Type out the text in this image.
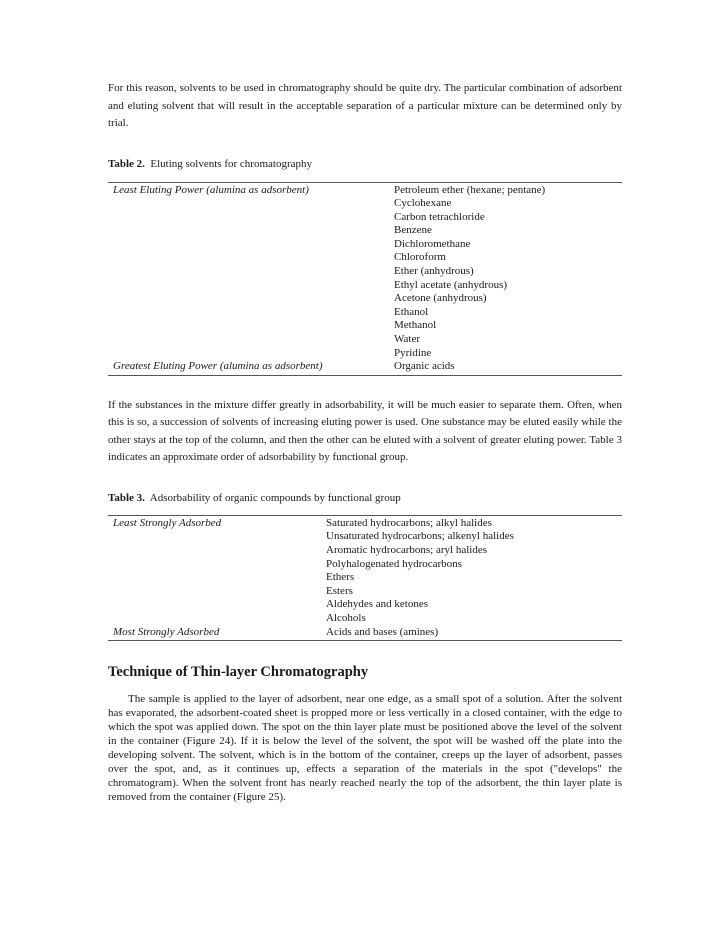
For this reason, solvents to be used in chromatography should be quite dry. The particular combination of adsorbent and eluting solvent that will result in the acceptable separation of a particular mixture can be determined only by trial.

Table 2. Eluting solvents for chromatography

Least Eluting Power (alumina as adsorbent)	Petroleum ether (hexane; pentane)
Cyclohexane
Carbon tetrachloride
Benzene
Dichloromethane
Chloroform
Ether (anhydrous)
Ethyl acetate (anhydrous)
Acetone (anhydrous)
Ethanol
Methanol
Water
Pyridine
Greatest Eluting Power (alumina as adsorbent)	Organic acids

If the substances in the mixture differ greatly in adsorbability, it will be much easier to separate them. Often, when this is so, a succession of solvents of increasing eluting power is used. One substance may be eluted easily while the other stays at the top of the column, and then the other can be eluted with a solvent of greater eluting power. Table 3 indicates an approximate order of adsorbability by functional group.

Table 3. Adsorbability of organic compounds by functional group

Least Strongly Adsorbed	Saturated hydrocarbons; alkyl halides
Unsaturated hydrocarbons; alkenyl halides
Aromatic hydrocarbons; aryl halides
Polyhalogenated hydrocarbons
Ethers
Esters
Aldehydes and ketones
Alcohols
Most Strongly Adsorbed	Acids and bases (amines)
Technique of Thin-layer Chromatography

The sample is applied to the layer of adsorbent, near one edge, as a small spot of a solution. After the solvent has evaporated, the adsorbent-coated sheet is propped more or less vertically in a closed container, with the edge to which the spot was applied down. The spot on the thin layer plate must be positioned above the level of the solvent in the container (Figure 24). If it is below the level of the solvent, the spot will be washed off the plate into the developing solvent. The solvent, which is in the bottom of the container, creeps up the layer of adsorbent, passes over the spot, and, as it continues up, effects a separation of the materials in the spot ("develops" the chromatogram). When the solvent front has nearly reached nearly the top of the adsorbent, the thin layer plate is removed from the container (Figure 25).
